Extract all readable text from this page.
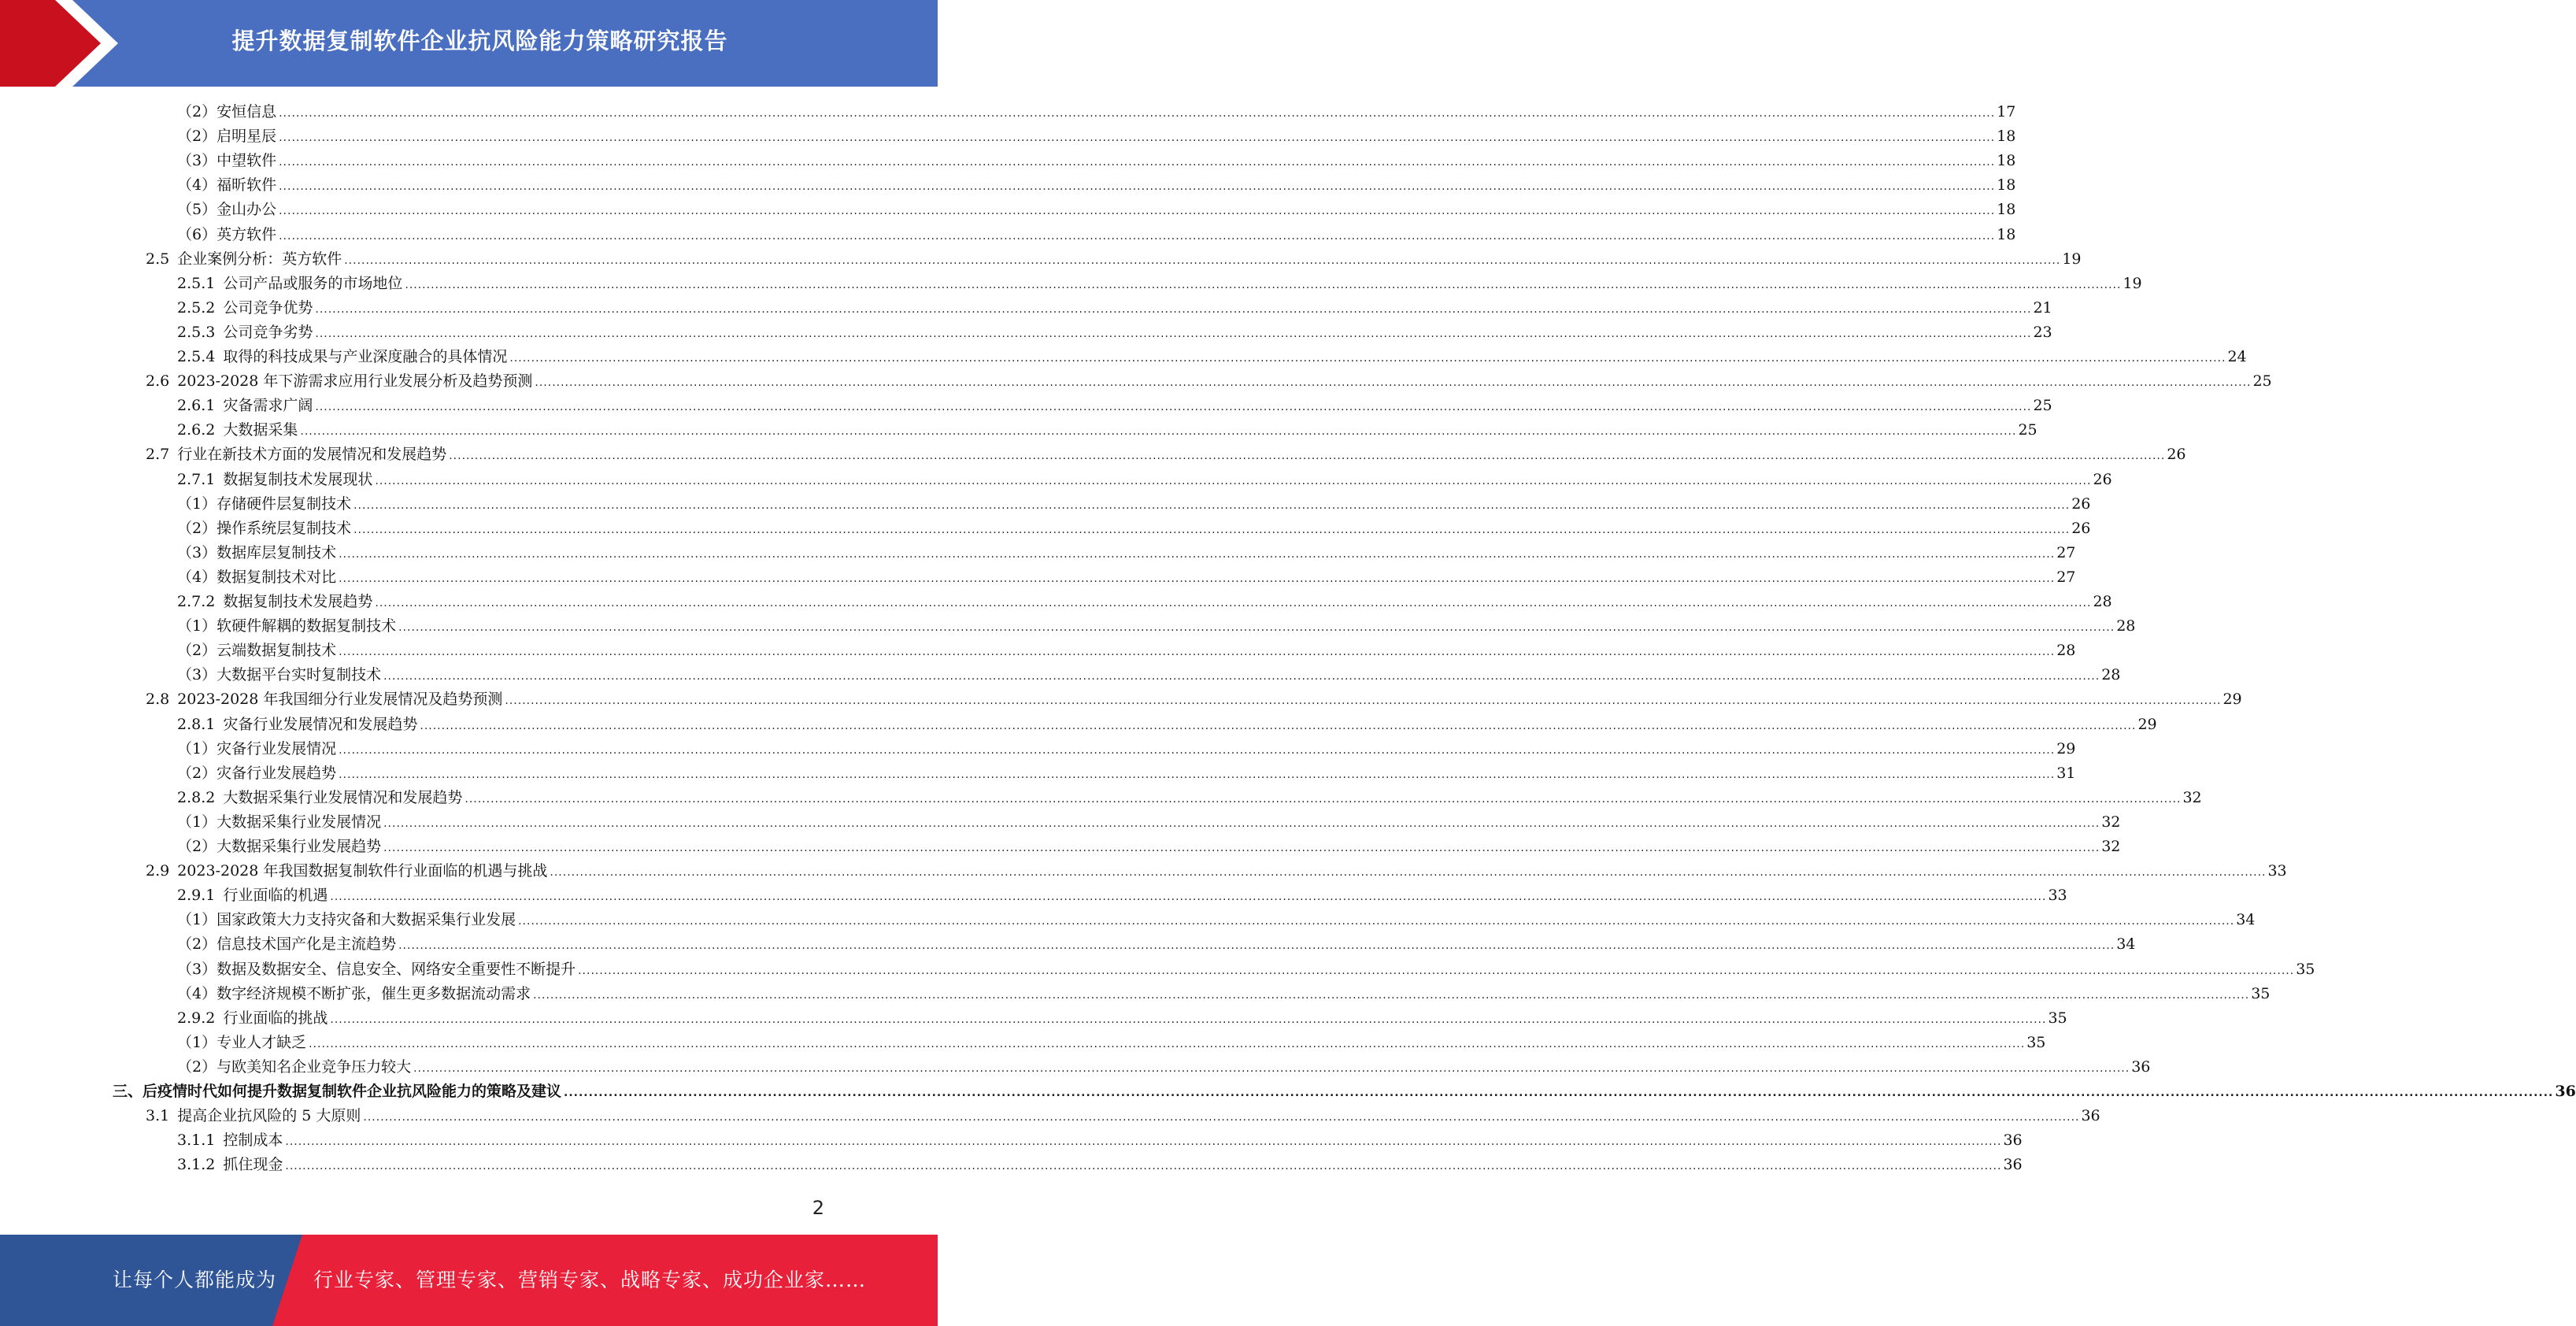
提升数据复制软件企业抗风险能力策略研究报告
（2） 安恒信息 ................................................................................................................................................................................................................................................................................................................................................................................................................ 17
（2） 启明星辰 ................................................................................................................................................................................................................................................................................................................................................................................................................ 18
（3） 中望软件 ................................................................................................................................................................................................................................................................................................................................................................................................................ 18
（4） 福昕软件 ................................................................................................................................................................................................................................................................................................................................................................................................................ 18
（5） 金山办公 ................................................................................................................................................................................................................................................................................................................................................................................................................ 18
（6） 英方软件 ................................................................................................................................................................................................................................................................................................................................................................................................................ 18
2.5 企业案例分析：英方软件 ................................................................................................................................................................................................................................................................................................................................................................................................................ 19
2.5.1 公司产品或服务的市场地位 ................................................................................................................................................................................................................................................................................................................................................................................................................ 19
2.5.2 公司竞争优势 ................................................................................................................................................................................................................................................................................................................................................................................................................ 21
2.5.3 公司竞争劣势 ................................................................................................................................................................................................................................................................................................................................................................................................................ 23
2.5.4 取得的科技成果与产业深度融合的具体情况 ................................................................................................................................................................................................................................................................................................................................................................................................................ 24
2.6 2023-2028 年下游需求应用行业发展分析及趋势预测 ................................................................................................................................................................................................................................................................................................................................................................................................................ 25
2.6.1 灾备需求广阔 ................................................................................................................................................................................................................................................................................................................................................................................................................ 25
2.6.2 大数据采集 ................................................................................................................................................................................................................................................................................................................................................................................................................ 25
2.7 行业在新技术方面的发展情况和发展趋势 ................................................................................................................................................................................................................................................................................................................................................................................................................ 26
2.7.1 数据复制技术发展现状 ................................................................................................................................................................................................................................................................................................................................................................................................................ 26
（1） 存储硬件层复制技术 ................................................................................................................................................................................................................................................................................................................................................................................................................ 26
（2） 操作系统层复制技术 ................................................................................................................................................................................................................................................................................................................................................................................................................ 26
（3） 数据库层复制技术 ................................................................................................................................................................................................................................................................................................................................................................................................................ 27
（4） 数据复制技术对比 ................................................................................................................................................................................................................................................................................................................................................................................................................ 27
2.7.2 数据复制技术发展趋势 ................................................................................................................................................................................................................................................................................................................................................................................................................ 28
（1） 软硬件解耦的数据复制技术 ................................................................................................................................................................................................................................................................................................................................................................................................................ 28
（2） 云端数据复制技术 ................................................................................................................................................................................................................................................................................................................................................................................................................ 28
（3） 大数据平台实时复制技术 ................................................................................................................................................................................................................................................................................................................................................................................................................ 28
2.8 2023-2028 年我国细分行业发展情况及趋势预测 ................................................................................................................................................................................................................................................................................................................................................................................................................ 29
2.8.1 灾备行业发展情况和发展趋势 ................................................................................................................................................................................................................................................................................................................................................................................................................ 29
（1） 灾备行业发展情况 ................................................................................................................................................................................................................................................................................................................................................................................................................ 29
（2） 灾备行业发展趋势 ................................................................................................................................................................................................................................................................................................................................................................................................................ 31
2.8.2 大数据采集行业发展情况和发展趋势 ................................................................................................................................................................................................................................................................................................................................................................................................................ 32
（1） 大数据采集行业发展情况 ................................................................................................................................................................................................................................................................................................................................................................................................................ 32
（2） 大数据采集行业发展趋势 ................................................................................................................................................................................................................................................................................................................................................................................................................ 32
2.9 2023-2028 年我国数据复制软件行业面临的机遇与挑战 ................................................................................................................................................................................................................................................................................................................................................................................................................ 33
2.9.1 行业面临的机遇 ................................................................................................................................................................................................................................................................................................................................................................................................................ 33
（1） 国家政策大力支持灾备和大数据采集行业发展 ................................................................................................................................................................................................................................................................................................................................................................................................................ 34
（2） 信息技术国产化是主流趋势 ................................................................................................................................................................................................................................................................................................................................................................................................................ 34
（3） 数据及数据安全、信息安全、网络安全重要性不断提升 ................................................................................................................................................................................................................................................................................................................................................................................................................ 35
（4） 数字经济规模不断扩张，催生更多数据流动需求 ................................................................................................................................................................................................................................................................................................................................................................................................................ 35
2.9.2 行业面临的挑战 ................................................................................................................................................................................................................................................................................................................................................................................................................ 35
（1） 专业人才缺乏 ................................................................................................................................................................................................................................................................................................................................................................................................................ 35
（2） 与欧美知名企业竞争压力较大 ................................................................................................................................................................................................................................................................................................................................................................................................................ 36
三、 后疫情时代如何提升数据复制软件企业抗风险能力的策略及建议 ................................................................................................................................................................................................................................................................................................................................................................................................................ 36
3.1 提高企业抗风险的 5 大原则 ................................................................................................................................................................................................................................................................................................................................................................................................................ 36
3.1.1 控制成本 ................................................................................................................................................................................................................................................................................................................................................................................................................ 36
3.1.2 抓住现金 ................................................................................................................................................................................................................................................................................................................................................................................................................ 36
2
让每个人都能成为 行业专家、管理专家、营销专家、战略专家、成功企业家……
